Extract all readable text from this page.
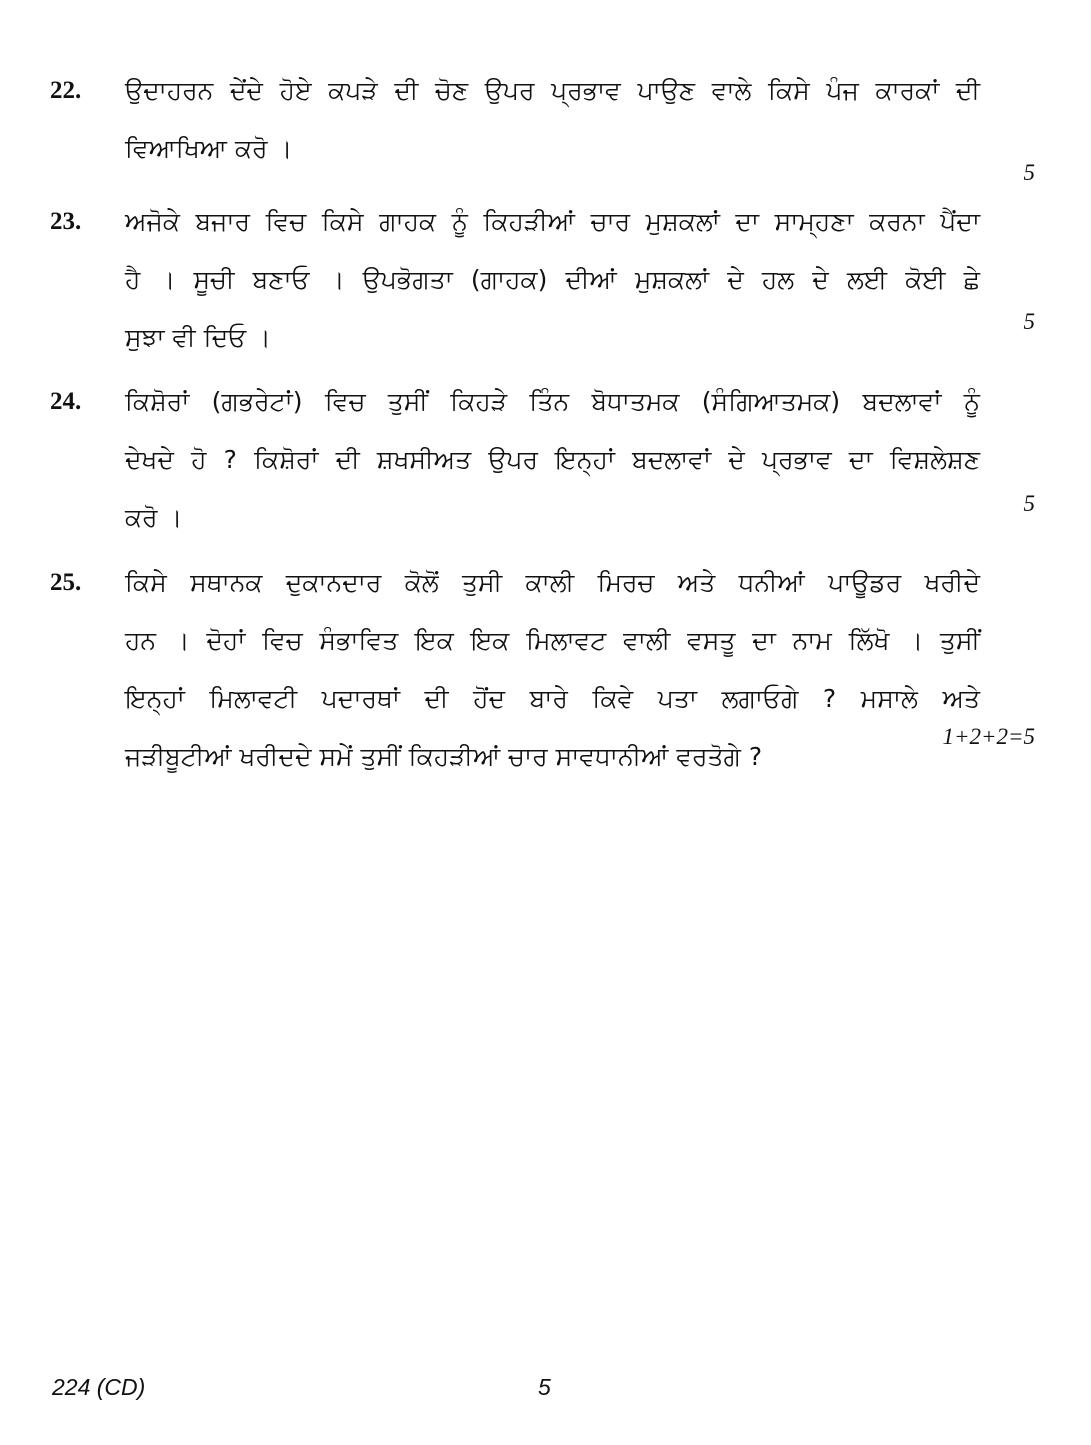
22.	ਉਦਾਹਰਨ ਦੇਂਦੇ ਹੋਏ ਕਪੜੇ ਦੀ ਚੋਣ ਉਪਰ ਪ੍ਰਭਾਵ ਪਾਉਣ ਵਾਲੇ ਕਿਸੇ ਪੰਜ ਕਾਰਕਾਂ ਦੀ
ਵਿਆਖਿਆ ਕਰੋ ।
5
23.	ਅਜੋਕੇ ਬਜਾਰ ਵਿਚ ਕਿਸੇ ਗਾਹਕ ਨੂੰ ਕਿਹੜੀਆਂ ਚਾਰ ਮੁਸ਼ਕਲਾਂ ਦਾ ਸਾਮ੍ਹਣਾ ਕਰਨਾ ਪੈਂਦਾ
ਹੈ । ਸੂਚੀ ਬਣਾਓ । ਉਪਭੋਗਤਾ (ਗਾਹਕ) ਦੀਆਂ ਮੁਸ਼ਕਲਾਂ ਦੇ ਹਲ ਦੇ ਲਈ ਕੋਈ ਛੇ
ਸੁਝਾ ਵੀ ਦਿਓ ।
5
24.	ਕਿਸ਼ੋਰਾਂ (ਗਭਰੇਟਾਂ) ਵਿਚ ਤੁਸੀਂ ਕਿਹੜੇ ਤਿੰਨ ਬੋਧਾਤਮਕ (ਸੰਗਿਆਤਮਕ) ਬਦਲਾਵਾਂ ਨੂੰ
ਦੇਖਦੇ ਹੋ ? ਕਿਸ਼ੋਰਾਂ ਦੀ ਸ਼ਖਸੀਅਤ ਉਪਰ ਇਨ੍ਹਾਂ ਬਦਲਾਵਾਂ ਦੇ ਪ੍ਰਭਾਵ ਦਾ ਵਿਸ਼ਲੇਸ਼ਣ
ਕਰੋ ।	5
25.	ਕਿਸੇ ਸਥਾਨਕ ਦੁਕਾਨਦਾਰ ਕੋਲੋਂ ਤੁਸੀ ਕਾਲੀ ਮਿਰਚ ਅਤੇ ਧਨੀਆਂ ਪਾਊਡਰ ਖਰੀਦੇ
ਹਨ । ਦੋਹਾਂ ਵਿਚ ਸੰਭਾਵਿਤ ਇਕ ਇਕ ਮਿਲਾਵਟ ਵਾਲੀ ਵਸਤੂ ਦਾ ਨਾਮ ਲਿੱਖੋ । ਤੁਸੀਂ
ਇਨ੍ਹਾਂ ਮਿਲਾਵਟੀ ਪਦਾਰਥਾਂ ਦੀ ਹੋਂਦ ਬਾਰੇ ਕਿਵੇ ਪਤਾ ਲਗਾਓਗੇ ? ਮਸਾਲੇ ਅਤੇ
ਜੜੀਬੂਟੀਆਂ ਖਰੀਦਦੇ ਸਮੇਂ ਤੁਸੀਂ ਕਿਹੜੀਆਂ ਚਾਰ ਸਾਵਧਾਨੀਆਂ ਵਰਤੋਗੇ ?
1+2+2=5
224 (CD)	5
